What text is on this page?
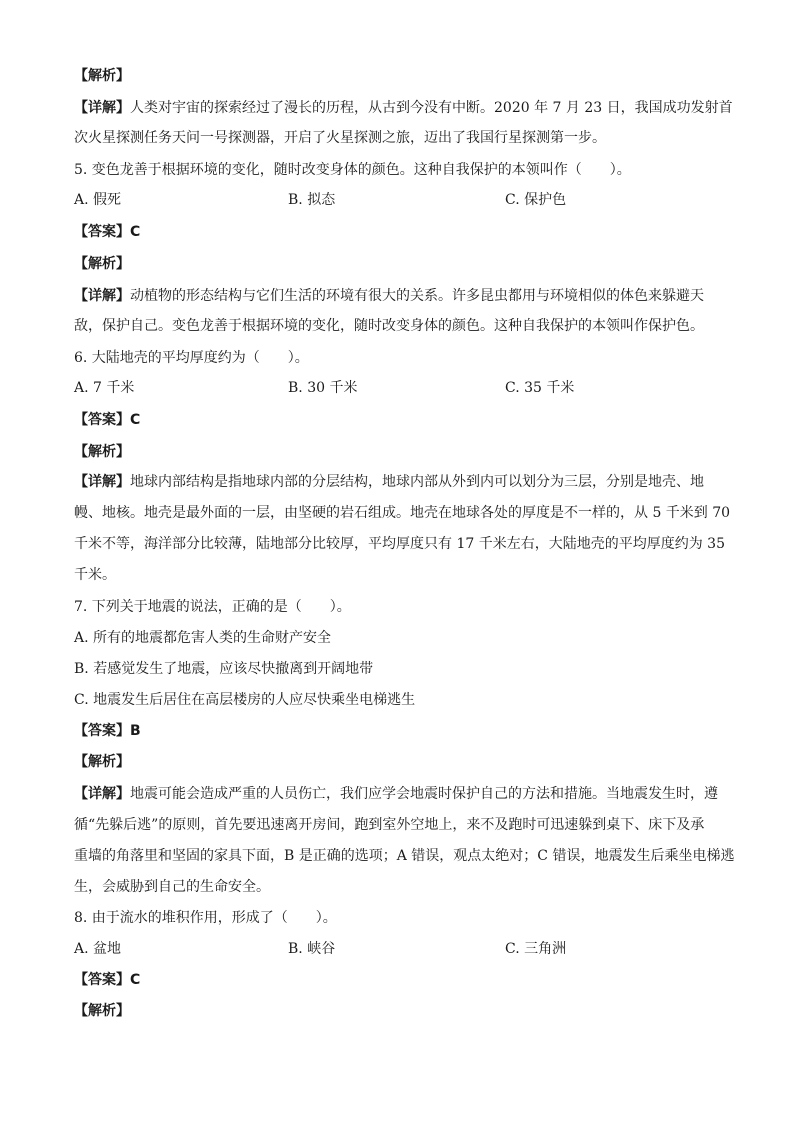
【解析】
【详解】人类对宇宙的探索经过了漫长的历程，从古到今没有中断。2020 年 7 月 23 日，我国成功发射首
次火星探测任务天问一号探测器，开启了火星探测之旅，迈出了我国行星探测第一步。
5. 变色龙善于根据环境的变化，随时改变身体的颜色。这种自我保护的本领叫作（　　）。
A. 假死	B. 拟态	C. 保护色
【答案】C
【解析】
【详解】动植物的形态结构与它们生活的环境有很大的关系。许多昆虫都用与环境相似的体色来躲避天
敌，保护自己。变色龙善于根据环境的变化，随时改变身体的颜色。这种自我保护的本领叫作保护色。
6. 大陆地壳的平均厚度约为（　　）。
A. 7 千米	B. 30 千米	C. 35 千米
【答案】C
【解析】
【详解】地球内部结构是指地球内部的分层结构，地球内部从外到内可以划分为三层，分别是地壳、地
幔、地核。地壳是最外面的一层，由坚硬的岩石组成。地壳在地球各处的厚度是不一样的，从 5 千米到 70
千米不等，海洋部分比较薄，陆地部分比较厚，平均厚度只有 17 千米左右，大陆地壳的平均厚度约为 35
千米。
7. 下列关于地震的说法，正确的是（　　）。
A. 所有的地震都危害人类的生命财产安全
B. 若感觉发生了地震，应该尽快撤离到开阔地带
C. 地震发生后居住在高层楼房的人应尽快乘坐电梯逃生
【答案】B
【解析】
【详解】地震可能会造成严重的人员伤亡，我们应学会地震时保护自己的方法和措施。当地震发生时，遵
循“先躲后逃”的原则，首先要迅速离开房间，跑到室外空地上，来不及跑时可迅速躲到桌下、床下及承
重墙的角落里和坚固的家具下面，B 是正确的选项；A 错误，观点太绝对；C 错误，地震发生后乘坐电梯逃
生，会威胁到自己的生命安全。
8. 由于流水的堆积作用，形成了（　　）。
A. 盆地	B. 峡谷	C. 三角洲
【答案】C
【解析】
